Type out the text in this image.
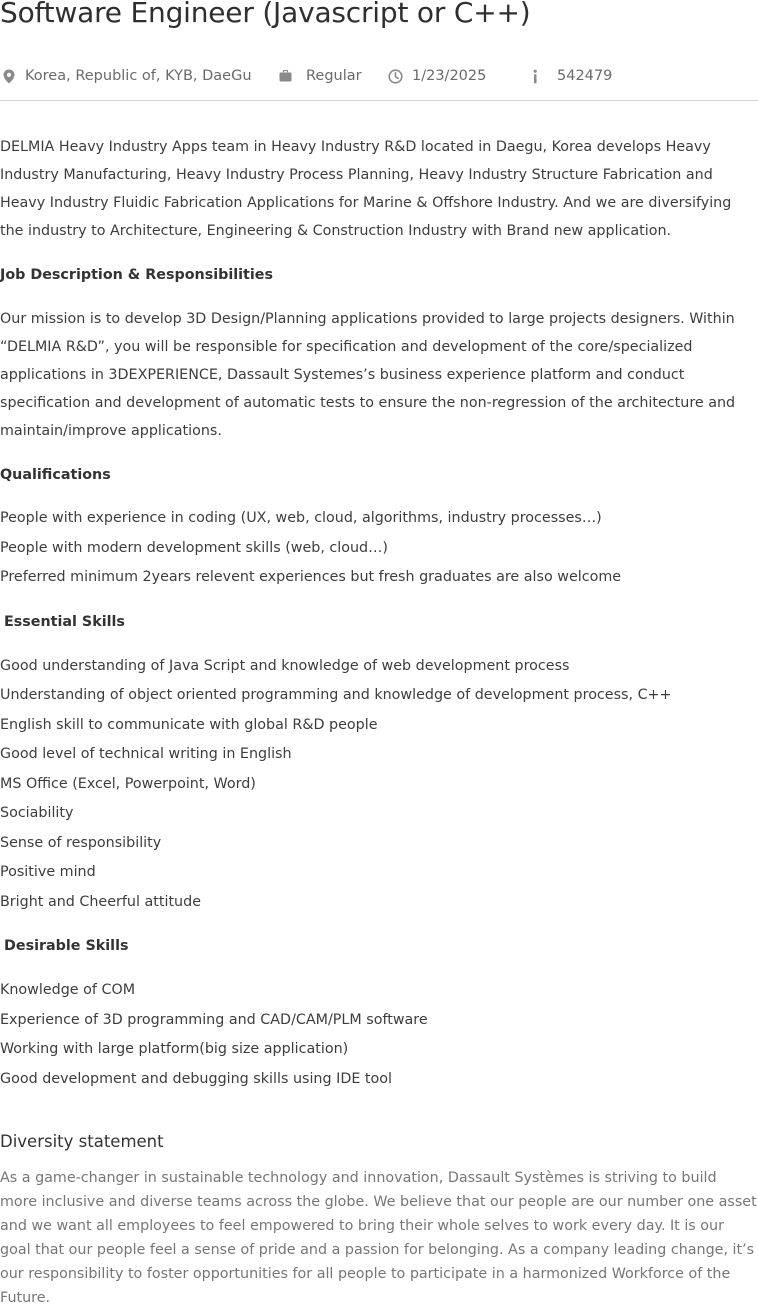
Software Engineer (Javascript or C++)
Korea, Republic of, KYB, DaeGu	Regular	1/23/2025	542479

DELMIA Heavy Industry Apps team in Heavy Industry R&D located in Daegu, Korea develops Heavy Industry Manufacturing, Heavy Industry Process Planning, Heavy Industry Structure Fabrication and Heavy Industry Fluidic Fabrication Applications for Marine & Offshore Industry. And we are diversifying the industry to Architecture, Engineering & Construction Industry with Brand new application.

Job Description & Responsibilities

Our mission is to develop 3D Design/Planning applications provided to large projects designers. Within “DELMIA R&D”, you will be responsible for specification and development of the core/specialized applications in 3DEXPERIENCE, Dassault Systemes’s business experience platform and conduct specification and development of automatic tests to ensure the non-regression of the architecture and maintain/improve applications.

Qualifications

People with experience in coding (UX, web, cloud, algorithms, industry processes…)
People with modern development skills (web, cloud…)
Preferred minimum 2years relevent experiences but fresh graduates are also welcome

Essential Skills

Good understanding of Java Script and knowledge of web development process
Understanding of object oriented programming and knowledge of development process, C++
English skill to communicate with global R&D people
Good level of technical writing in English
MS Office (Excel, Powerpoint, Word)
Sociability
Sense of responsibility
Positive mind
Bright and Cheerful attitude

Desirable Skills

Knowledge of COM
Experience of 3D programming and CAD/CAM/PLM software
Working with large platform(big size application)
Good development and debugging skills using IDE tool
Diversity statement

As a game-changer in sustainable technology and innovation, Dassault Systèmes is striving to build more inclusive and diverse teams across the globe. We believe that our people are our number one asset and we want all employees to feel empowered to bring their whole selves to work every day. It is our goal that our people feel a sense of pride and a passion for belonging. As a company leading change, it’s our responsibility to foster opportunities for all people to participate in a harmonized Workforce of the Future.
